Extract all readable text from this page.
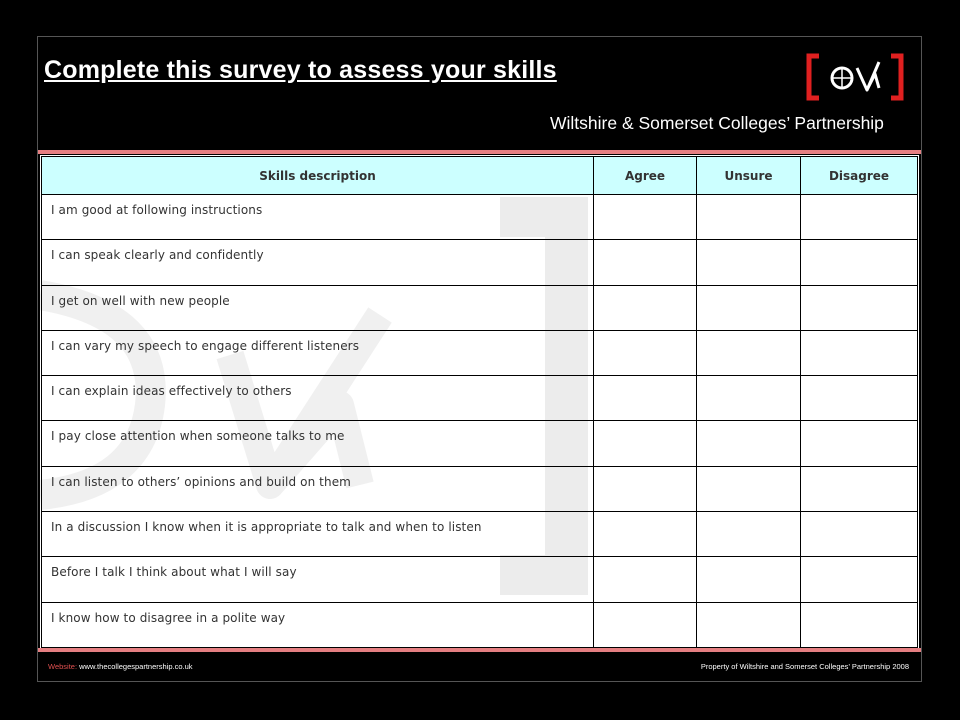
Complete this survey to assess your skills
Wiltshire & Somerset Colleges’ Partnership
Skills description	Agree	Unsure	Disagree
I am good at following instructions			
I can speak clearly and confidently			
I get on well with new people			
I can vary my speech to engage different listeners			
I can explain ideas effectively to others			
I pay close attention when someone talks to me			
I can listen to others’ opinions and build on them			
In a discussion I know when it is appropriate to talk and when to listen			
Before I talk I think about what I will say			
I know how to disagree in a polite way			
Website: www.thecollegespartnership.co.uk	Property of Wiltshire and Somerset Colleges’ Partnership 2008
